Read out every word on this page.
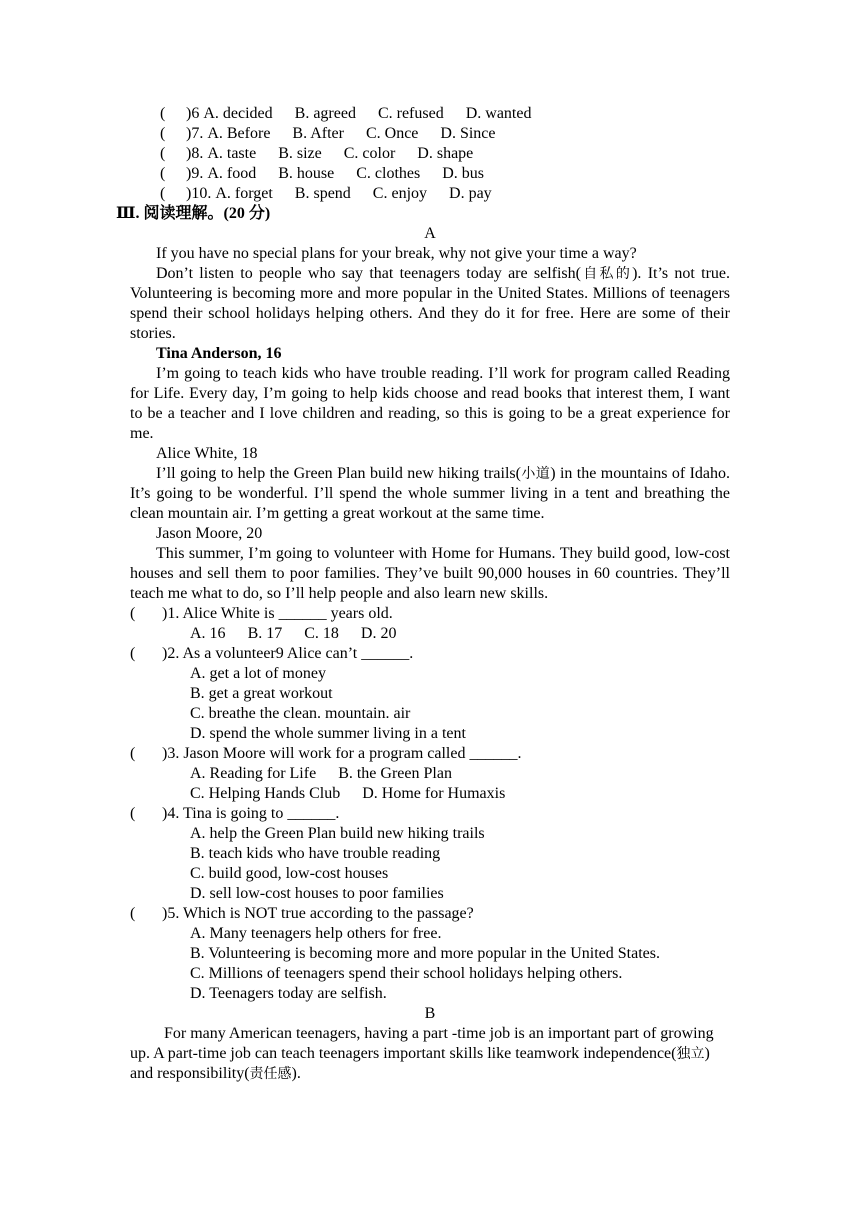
(	)6 A. decided B. agreed C. refused D. wanted
(	)7. A. Before B. After C. Once D. Since
(	)8. A. taste B. size C. color D. shape
(	)9. A. food B. house C. clothes D. bus
(	)10. A. forget B. spend C. enjoy D. pay
Ⅲ. 阅读理解。(20 分)
A

If you have no special plans for your break, why not give your time a way?

Don’t listen to people who say that teenagers today are selfish(自私的). It’s not true. Volunteering is becoming more and more popular in the United States. Millions of teenagers spend their school holidays helping others. And they do it for free. Here are some of their stories.

Tina Anderson, 16

I’m going to teach kids who have trouble reading. I’ll work for program called Reading for Life. Every day, I’m going to help kids choose and read books that interest them, I want to be a teacher and I love children and reading, so this is going to be a great experience for me.

Alice White, 18

I’ll going to help the Green Plan build new hiking trails(小道) in the mountains of Idaho. It’s going to be wonderful. I’ll spend the whole summer living in a tent and breathing the clean mountain air. I’m getting a great workout at the same time.

Jason Moore, 20

This summer, I’m going to volunteer with Home for Humans. They build good, low-cost houses and sell them to poor families. They’ve built 90,000 houses in 60 countries. They’ll teach me what to do, so I’ll help people and also learn new skills.

( )1. Alice White is ______ years old.
A. 16 B. 17 C. 18 D. 20
( )2. As a volunteer9 Alice can’t ______.
A. get a lot of money
B. get a great workout
C. breathe the clean. mountain. air
D. spend the whole summer living in a tent
( )3. Jason Moore will work for a program called ______.
A. Reading for Life B. the Green Plan
C. Helping Hands Club D. Home for Humaxis
( )4. Tina is going to ______.
A. help the Green Plan build new hiking trails
B. teach kids who have trouble reading
C. build good, low-cost houses
D. sell low-cost houses to poor families
( )5. Which is NOT true according to the passage?
A. Many teenagers help others for free.
B. Volunteering is becoming more and more popular in the United States.
C. Millions of teenagers spend their school holidays helping others.
D. Teenagers today are selfish.
B

For many American teenagers, having a part -time job is an important part of growing up. A part-time job can teach teenagers important skills like teamwork independence(独立) and responsibility(责任感).
